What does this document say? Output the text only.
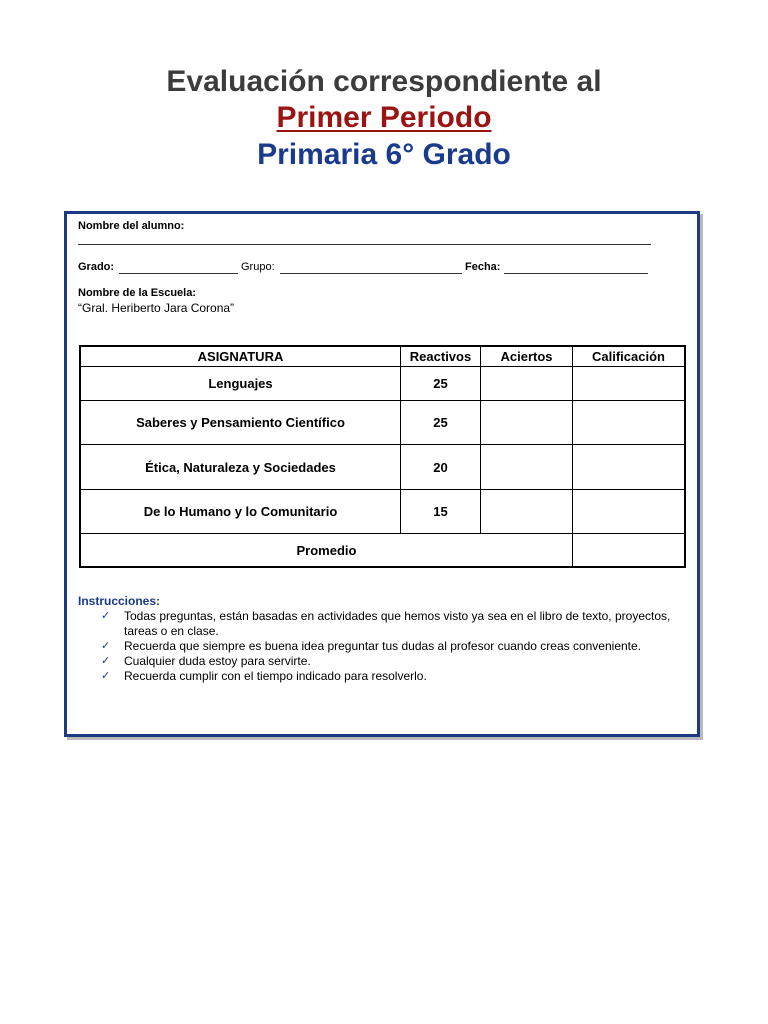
Evaluación correspondiente al
Primer Periodo
Primaria 6° Grado
Nombre del alumno:
Grado:	Grupo:	Fecha:
Nombre de la Escuela:
“Gral. Heriberto Jara Corona”
ASIGNATURA	Reactivos	Aciertos	Calificación
Lenguajes	25
Saberes y Pensamiento Científico	25
Ética, Naturaleza y Sociedades	20
De lo Humano y lo Comunitario	15
Promedio
Instrucciones:
✓ Todas preguntas, están basadas en actividades que hemos visto ya sea en el libro de texto, proyectos, tareas o en clase.
✓ Recuerda que siempre es buena idea preguntar tus dudas al profesor cuando creas conveniente.
✓ Cualquier duda estoy para servirte.
✓ Recuerda cumplir con el tiempo indicado para resolverlo.
